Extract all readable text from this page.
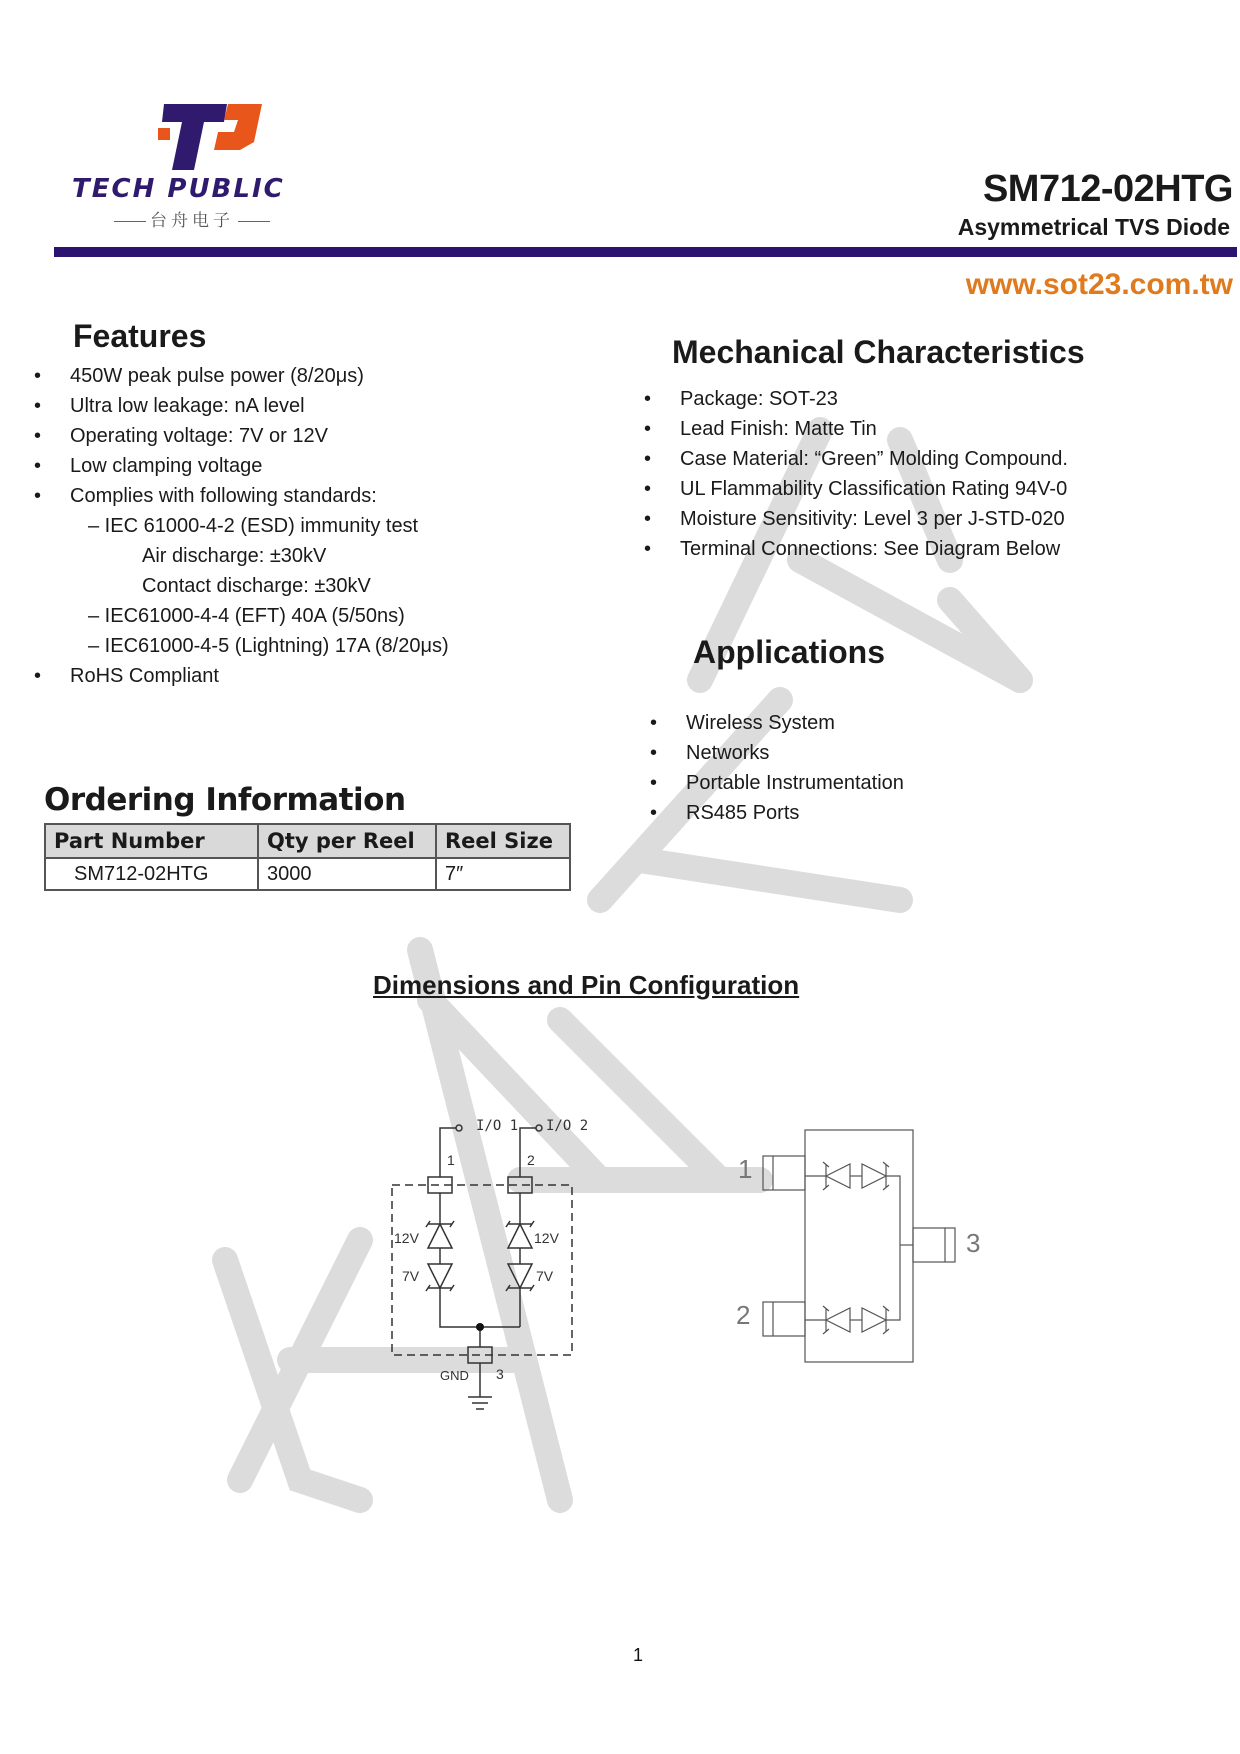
TECH PUBLIC
台舟电子
SM712-02HTG
Asymmetrical TVS Diode
www.sot23.com.tw
Features
• 450W peak pulse power (8/20μs)
• Ultra low leakage: nA level
• Operating voltage: 7V or 12V
• Low clamping voltage
• Complies with following standards:
– IEC 61000-4-2 (ESD) immunity test
Air discharge: ±30kV
Contact discharge: ±30kV
– IEC61000-4-4 (EFT) 40A (5/50ns)
– IEC61000-4-5 (Lightning) 17A (8/20μs)
• RoHS Compliant
Mechanical Characteristics
• Package: SOT-23
• Lead Finish: Matte Tin
• Case Material: “Green” Molding Compound.
• UL Flammability Classification Rating 94V-0
• Moisture Sensitivity: Level 3 per J-STD-020
• Terminal Connections: See Diagram Below
Applications
• Wireless System
• Networks
• Portable Instrumentation
• RS485 Ports
Ordering Information
Part Number	Qty per Reel	Reel Size
SM712-02HTG	3000	7″
Dimensions and Pin Configuration
I/O 1 I/O 2
1	2
12V	12V
7V	7V
GND 3
1
2
3
1
